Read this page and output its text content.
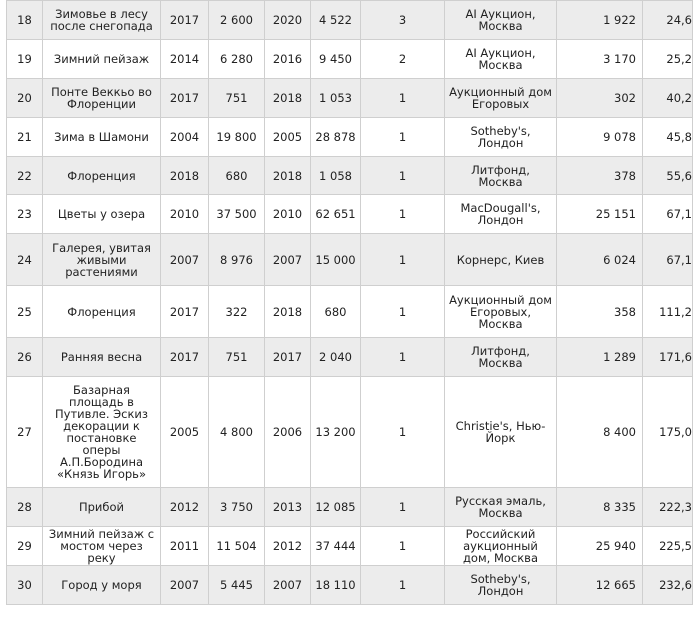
18	Зимовье в лесу после снегопада	2017	2 600	2020	4 522	3	AI Аукцион, Москва	1 922	24,6
19	Зимний пейзаж	2014	6 280	2016	9 450	2	AI Аукцион, Москва	3 170	25,2
20	Понте Веккьо во Флоренции	2017	751	2018	1 053	1	Аукционный дом Егоровых	302	40,2
21	Зима в Шамони	2004	19 800	2005	28 878	1	Sotheby's, Лондон	9 078	45,8
22	Флоренция	2018	680	2018	1 058	1	Литфонд, Москва	378	55,6
23	Цветы у озера	2010	37 500	2010	62 651	1	MacDougall's, Лондон	25 151	67,1
24	Галерея, увитая живыми растениями	2007	8 976	2007	15 000	1	Корнерс, Киев	6 024	67,1
25	Флоренция	2017	322	2018	680	1	Аукционный дом Егоровых, Москва	358	111,2
26	Ранняя весна	2017	751	2017	2 040	1	Литфонд, Москва	1 289	171,6
27	Базарная площадь в Путивле. Эскиз декорации к постановке оперы А.П.Бородина «Князь Игорь»	2005	4 800	2006	13 200	1	Christie's, Нью-Йорк	8 400	175,0
28	Прибой	2012	3 750	2013	12 085	1	Русская эмаль, Москва	8 335	222,3
29	Зимний пейзаж с мостом через реку	2011	11 504	2012	37 444	1	Российский аукционный дом, Москва	25 940	225,5
30	Город у моря	2007	5 445	2007	18 110	1	Sotheby's, Лондон	12 665	232,6
